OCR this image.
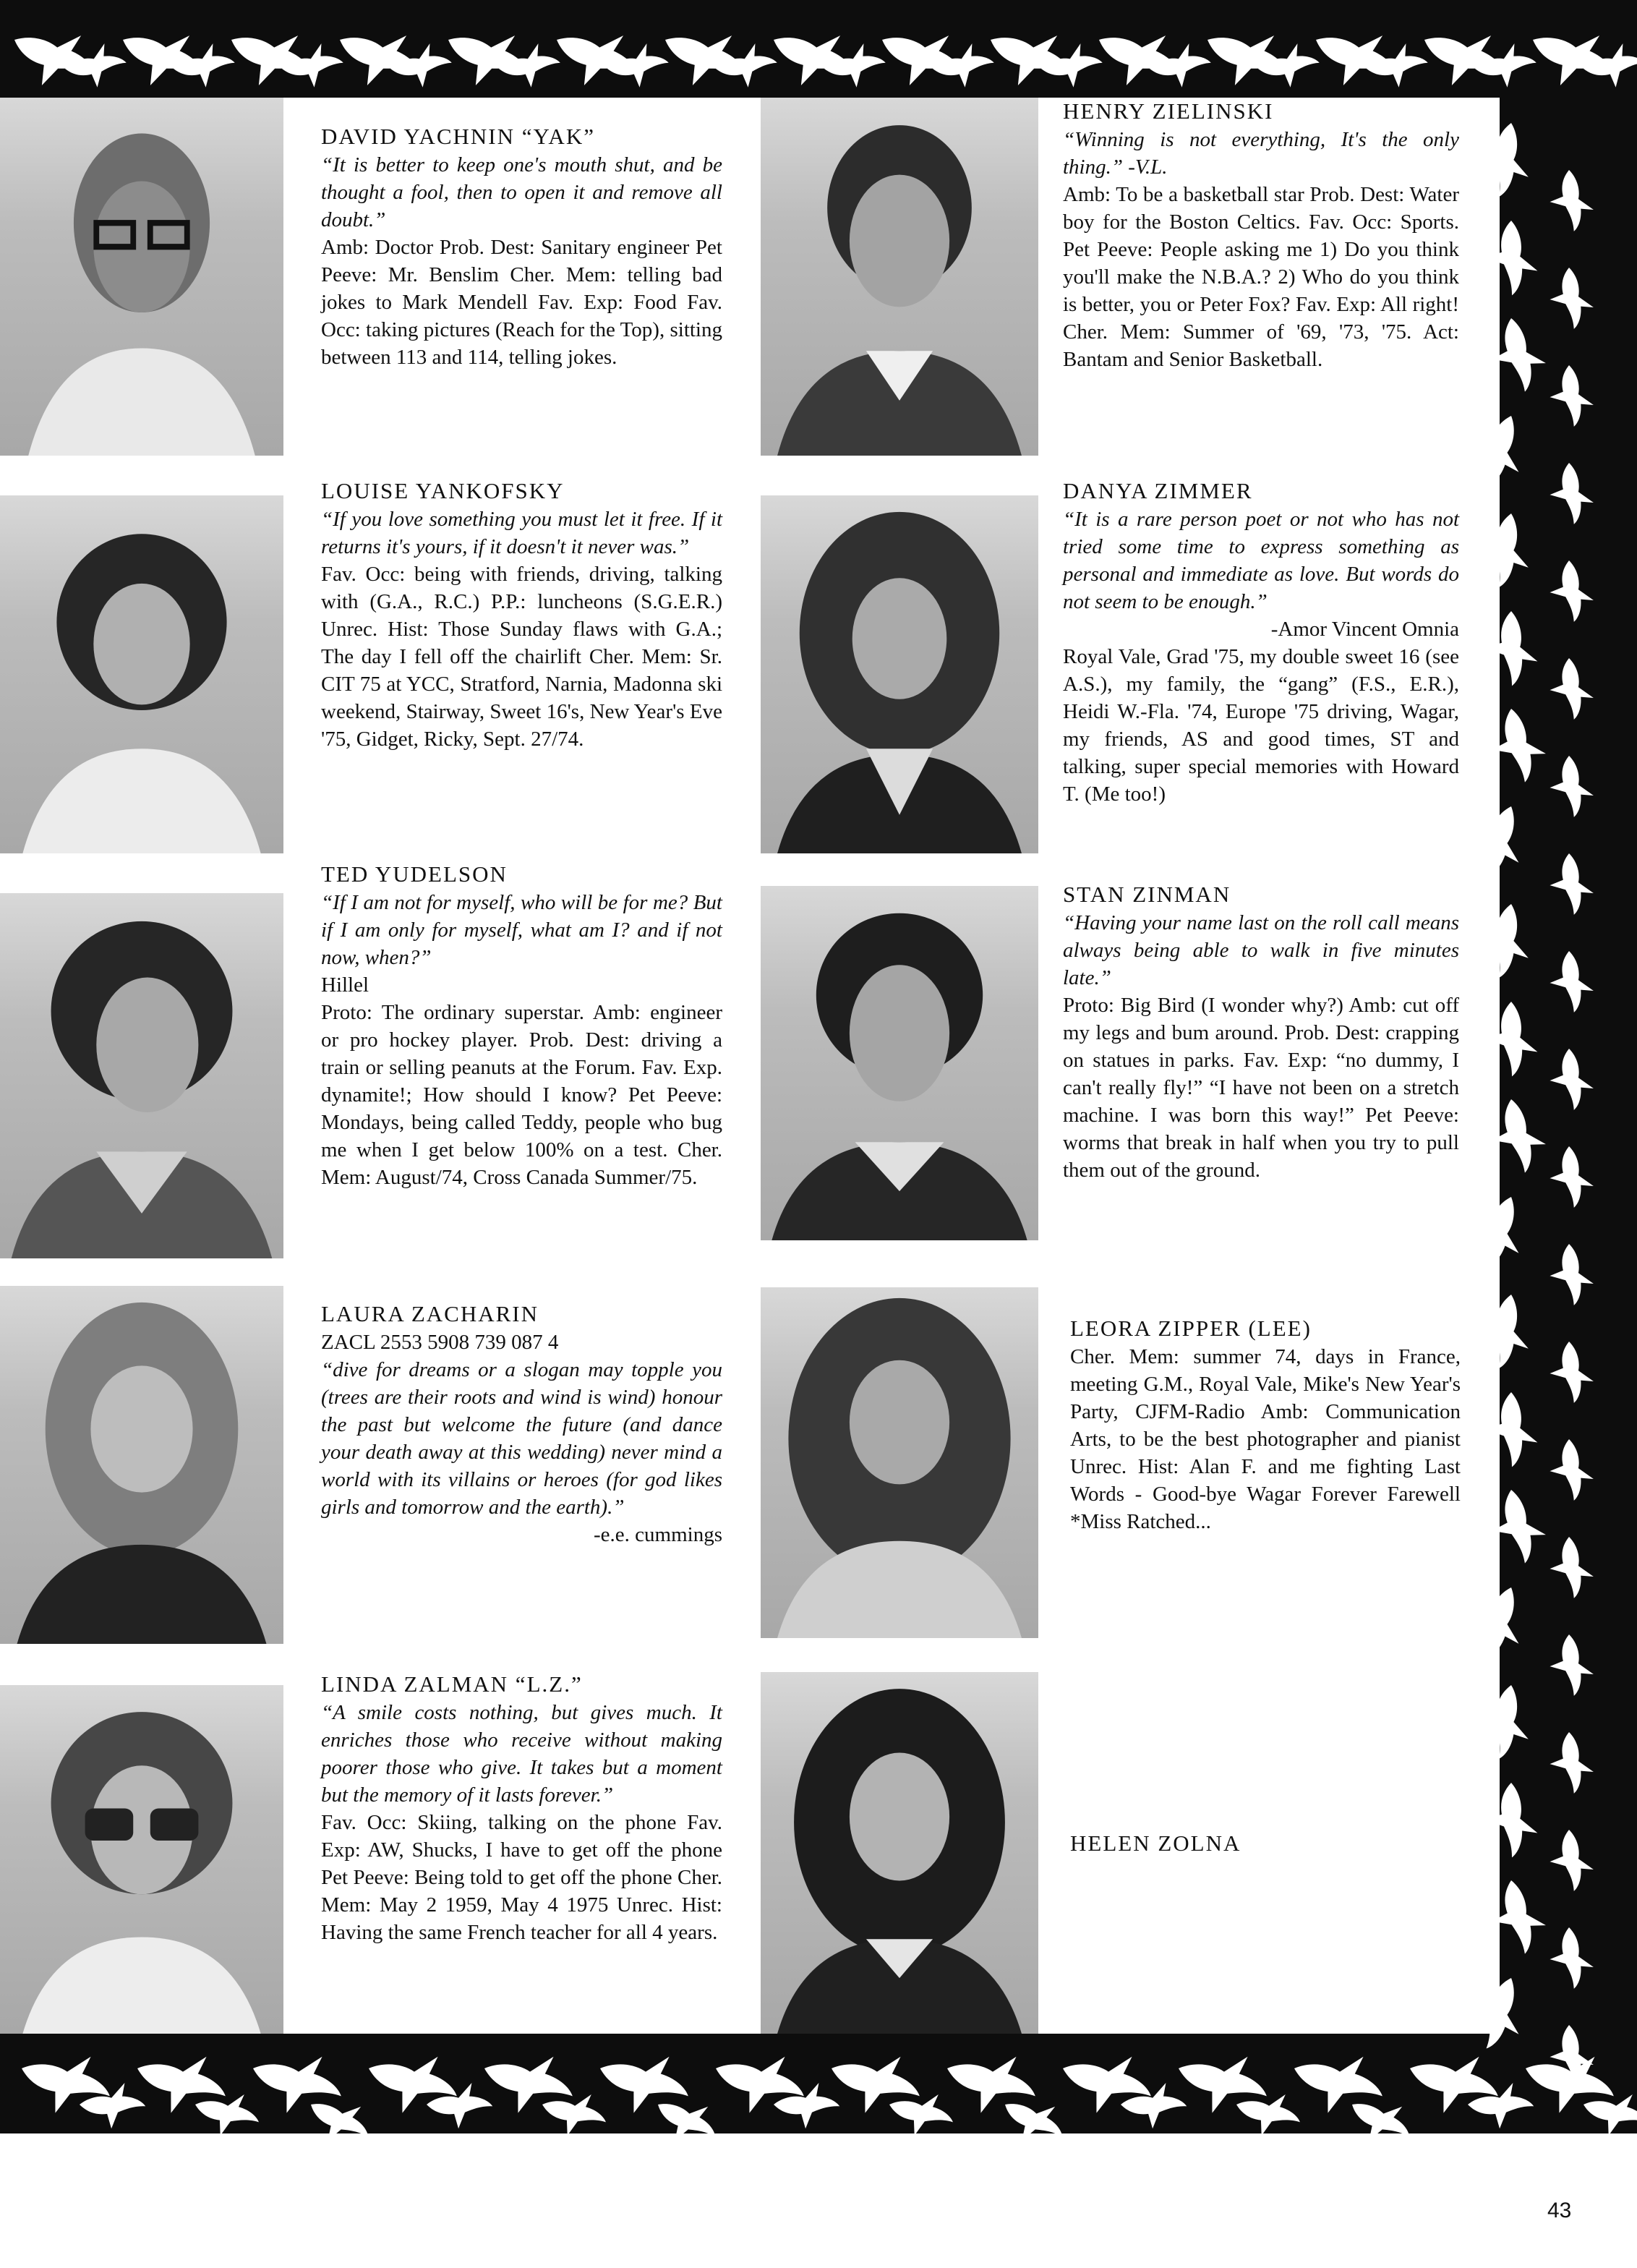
DAVID YACHNIN “YAK”
“It is better to keep one's mouth shut, and be thought a fool, then to open it and remove all doubt.”
Amb: Doctor Prob. Dest: Sanitary engineer Pet Peeve: Mr. Benslim Cher. Mem: telling bad jokes to Mark Mendell Fav. Exp: Food Fav. Occ: taking pictures (Reach for the Top), sitting between 113 and 114, telling jokes.
HENRY ZIELINSKI
“Winning is not everything, It's the only thing.” -V.L.
Amb: To be a basketball star Prob. Dest: Water boy for the Boston Celtics. Fav. Occ: Sports. Pet Peeve: People asking me 1) Do you think you'll make the N.B.A.? 2) Who do you think is better, you or Peter Fox? Fav. Exp: All right! Cher. Mem: Summer of '69, '73, '75. Act: Bantam and Senior Basketball.
LOUISE YANKOFSKY
“If you love something you must let it free. If it returns it's yours, if it doesn't it never was.”
Fav. Occ: being with friends, driving, talking with (G.A., R.C.) P.P.: luncheons (S.G.E.R.) Unrec. Hist: Those Sunday flaws with G.A.; The day I fell off the chairlift Cher. Mem: Sr. CIT 75 at YCC, Stratford, Narnia, Madonna ski weekend, Stairway, Sweet 16's, New Year's Eve '75, Gidget, Ricky, Sept. 27/74.
DANYA ZIMMER
“It is a rare person poet or not who has not tried some time to express something as personal and immediate as love. But words do not seem to be enough.”
-Amor Vincent Omnia
Royal Vale, Grad '75, my double sweet 16 (see A.S.), my family, the “gang” (F.S., E.R.), Heidi W.-Fla. '74, Europe '75 driving, Wagar, my friends, AS and good times, ST and talking, super special memories with Howard T. (Me too!)
TED YUDELSON
“If I am not for myself, who will be for me? But if I am only for myself, what am I? and if not now, when?”
Hillel
Proto: The ordinary superstar. Amb: engineer or pro hockey player. Prob. Dest: driving a train or selling peanuts at the Forum. Fav. Exp. dynamite!; How should I know? Pet Peeve: Mondays, being called Teddy, people who bug me when I get below 100% on a test. Cher. Mem: August/74, Cross Canada Summer/75.
STAN ZINMAN
“Having your name last on the roll call means always being able to walk in five minutes late.”
Proto: Big Bird (I wonder why?) Amb: cut off my legs and bum around. Prob. Dest: crapping on statues in parks. Fav. Exp: “no dummy, I can't really fly!” “I have not been on a stretch machine. I was born this way!” Pet Peeve: worms that break in half when you try to pull them out of the ground.
LAURA ZACHARIN
ZACL 2553 5908 739 087 4
“dive for dreams or a slogan may topple you (trees are their roots and wind is wind) honour the past but welcome the future (and dance your death away at this wedding) never mind a world with its villains or heroes (for god likes girls and tomorrow and the earth).”
-e.e. cummings
LEORA ZIPPER (LEE)
Cher. Mem: summer 74, days in France, meeting G.M., Royal Vale, Mike's New Year's Party, CJFM-Radio Amb: Communication Arts, to be the best photographer and pianist Unrec. Hist: Alan F. and me fighting Last Words - Good-bye Wagar Forever Farewell *Miss Ratched...
LINDA ZALMAN “L.Z.”
“A smile costs nothing, but gives much. It enriches those who receive without making poorer those who give. It takes but a moment but the memory of it lasts forever.”
Fav. Occ: Skiing, talking on the phone Fav. Exp: AW, Shucks, I have to get off the phone Pet Peeve: Being told to get off the phone Cher. Mem: May 2 1959, May 4 1975 Unrec. Hist: Having the same French teacher for all 4 years.
HELEN ZOLNA
43
